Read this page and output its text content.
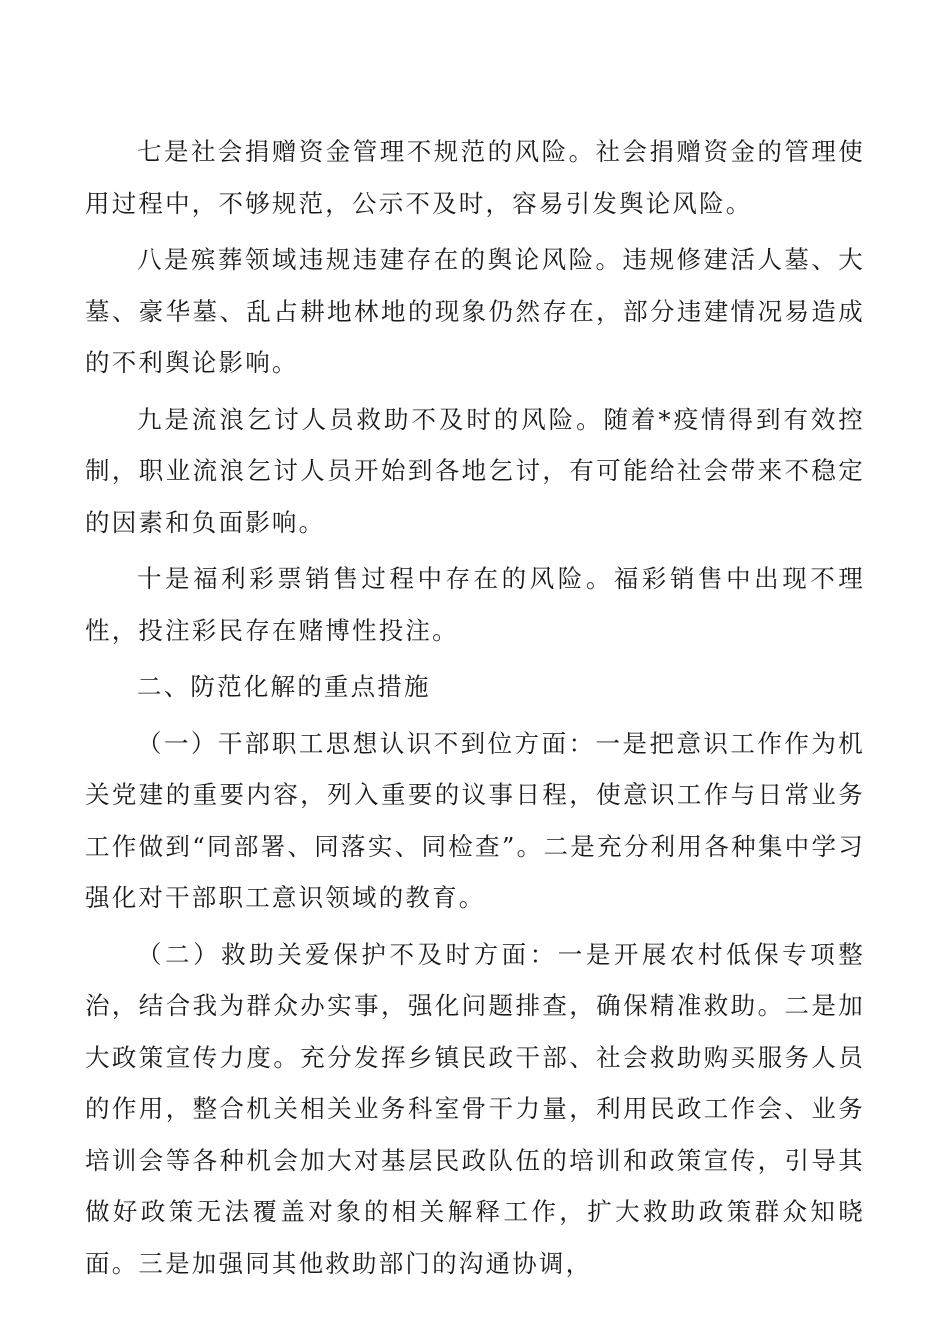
七是社会捐赠资金管理不规范的风险。社会捐赠资金的管理使用过程中，不够规范，公示不及时，容易引发舆论风险。

八是殡葬领域违规违建存在的舆论风险。违规修建活人墓、大墓、豪华墓、乱占耕地林地的现象仍然存在，部分违建情况易造成的不利舆论影响。

九是流浪乞讨人员救助不及时的风险。随着*疫情得到有效控制，职业流浪乞讨人员开始到各地乞讨，有可能给社会带来不稳定的因素和负面影响。

十是福利彩票销售过程中存在的风险。福彩销售中出现不理性，投注彩民存在赌博性投注。

二、防范化解的重点措施

（一）干部职工思想认识不到位方面：一是把意识工作作为机关党建的重要内容，列入重要的议事日程，使意识工作与日常业务工作做到“同部署、同落实、同检查”。二是充分利用各种集中学习强化对干部职工意识领域的教育。

（二）救助关爱保护不及时方面：一是开展农村低保专项整治，结合我为群众办实事，强化问题排查，确保精准救助。二是加大政策宣传力度。充分发挥乡镇民政干部、社会救助购买服务人员的作用，整合机关相关业务科室骨干力量，利用民政工作会、业务培训会等各种机会加大对基层民政队伍的培训和政策宣传，引导其做好政策无法覆盖对象的相关解释工作，扩大救助政策群众知晓面。三是加强同其他救助部门的沟通协调，
